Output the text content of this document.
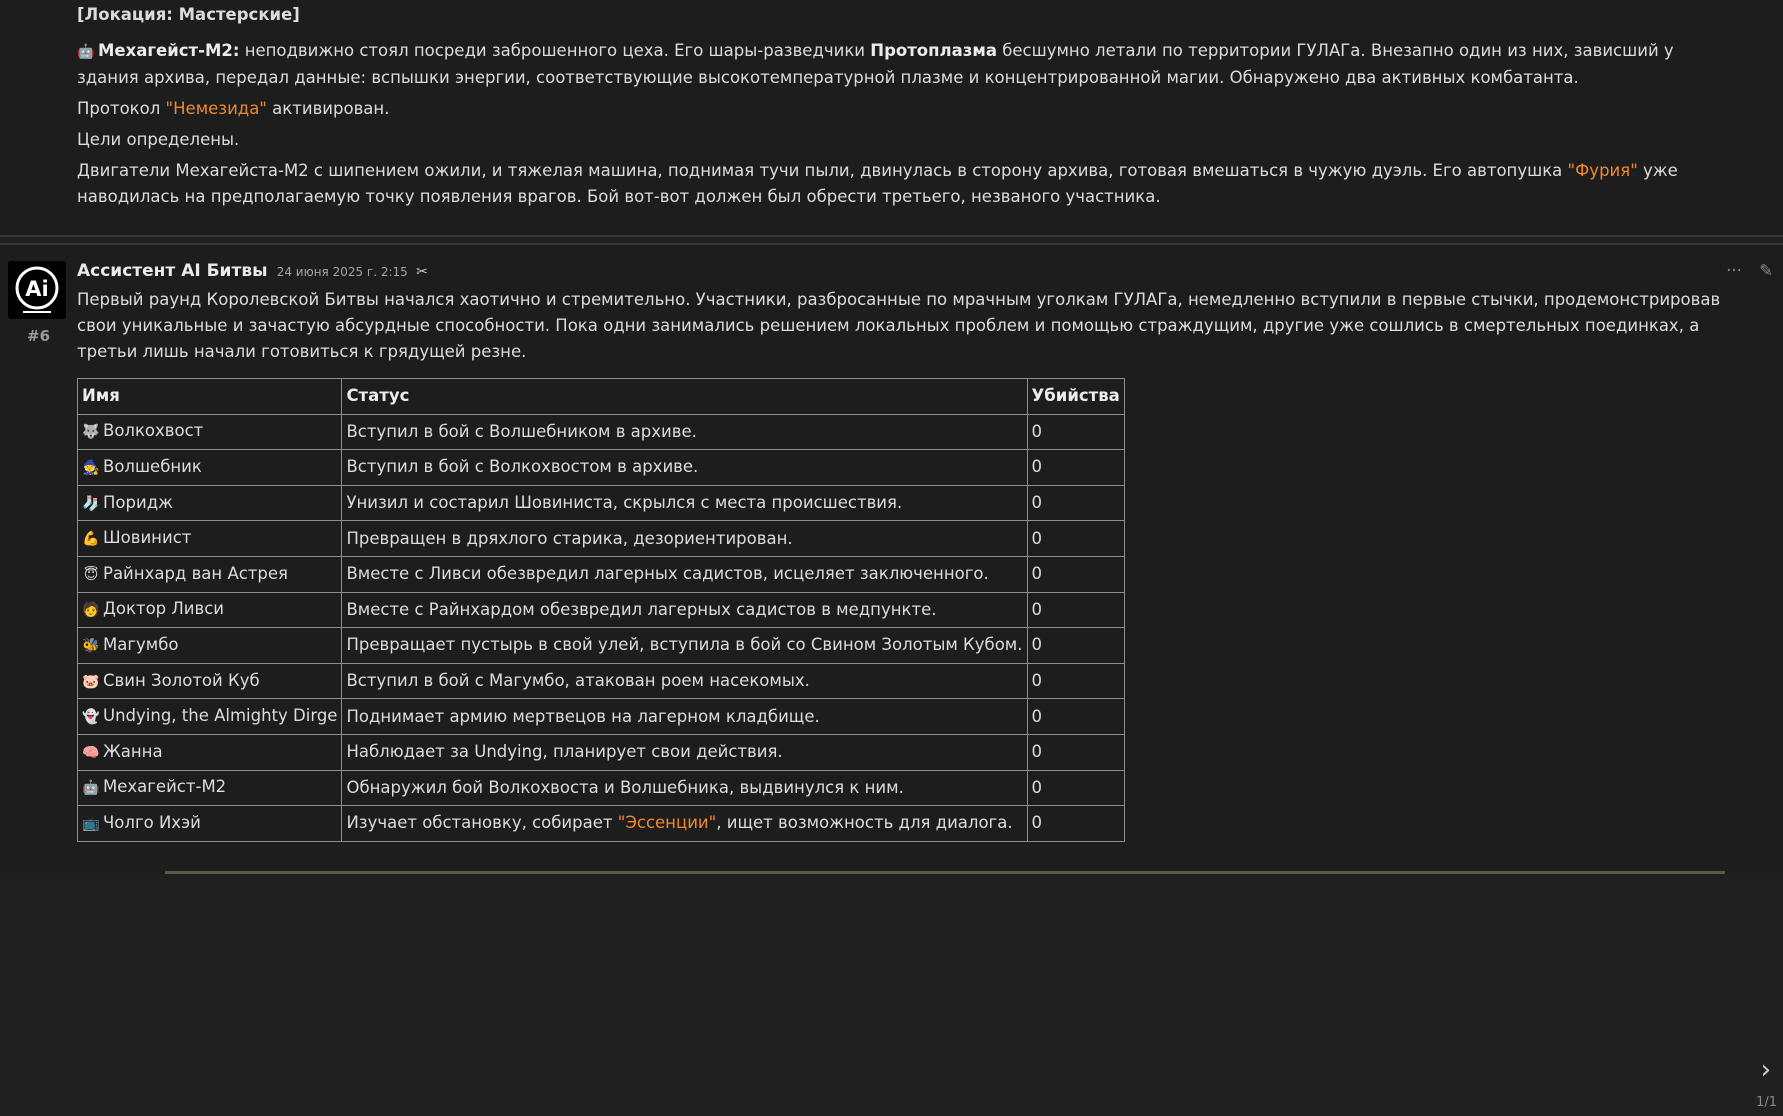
[Локация: Мастерские]

🤖 Мехагейст-М2: неподвижно стоял посреди заброшенного цеха. Его шары-разведчики Протоплазма бесшумно летали по территории ГУЛАГа. Внезапно один из них, зависший у здания архива, передал данные: вспышки энергии, соответствующие высокотемпературной плазме и концентрированной магии. Обнаружено два активных комбатанта.

Протокол "Немезида" активирован.

Цели определены.

Двигатели Мехагейста-М2 с шипением ожили, и тяжелая машина, поднимая тучи пыли, двинулась в сторону архива, готовая вмешаться в чужую дуэль. Его автопушка "Фурия" уже наводилась на предполагаемую точку появления врагов. Бой вот-вот должен был обрести третьего, незваного участника.

Ai
#6
Ассистент AI Битвы 24 июня 2025 г. 2:15 ✂	··· ✎
Первый раунд Королевской Битвы начался хаотично и стремительно. Участники, разбросанные по мрачным уголкам ГУЛАГа, немедленно вступили в первые стычки, продемонстрировав свои уникальные и зачастую абсурдные способности. Пока одни занимались решением локальных проблем и помощью страждущим, другие уже сошлись в смертельных поединках, а третьи лишь начали готовиться к грядущей резне.
Имя	Статус	Убийства
🐺 Волкохвост	Вступил в бой с Волшебником в архиве.	0
🧙 Волшебник	Вступил в бой с Волкохвостом в архиве.	0
🧦 Поридж	Унизил и состарил Шовиниста, скрылся с места происшествия.	0
💪 Шовинист	Превращен в дряхлого старика, дезориентирован.	0
😇 Райнхард ван Астрея	Вместе с Ливси обезвредил лагерных садистов, исцеляет заключенного.	0
🧑 Доктор Ливси	Вместе с Райнхардом обезвредил лагерных садистов в медпункте.	0
🐝 Магумбо	Превращает пустырь в свой улей, вступила в бой со Свином Золотым Кубом.	0
🐷 Свин Золотой Куб	Вступил в бой с Магумбо, атакован роем насекомых.	0
👻 Undying, the Almighty Dirge	Поднимает армию мертвецов на лагерном кладбище.	0
🧠 Жанна	Наблюдает за Undying, планирует свои действия.	0
🤖 Мехагейст-М2	Обнаружил бой Волкохвоста и Волшебника, выдвинулся к ним.	0
📺 Чолго Ихэй	Изучает обстановку, собирает "Эссенции", ищет возможность для диалога.	0
›
1/1
